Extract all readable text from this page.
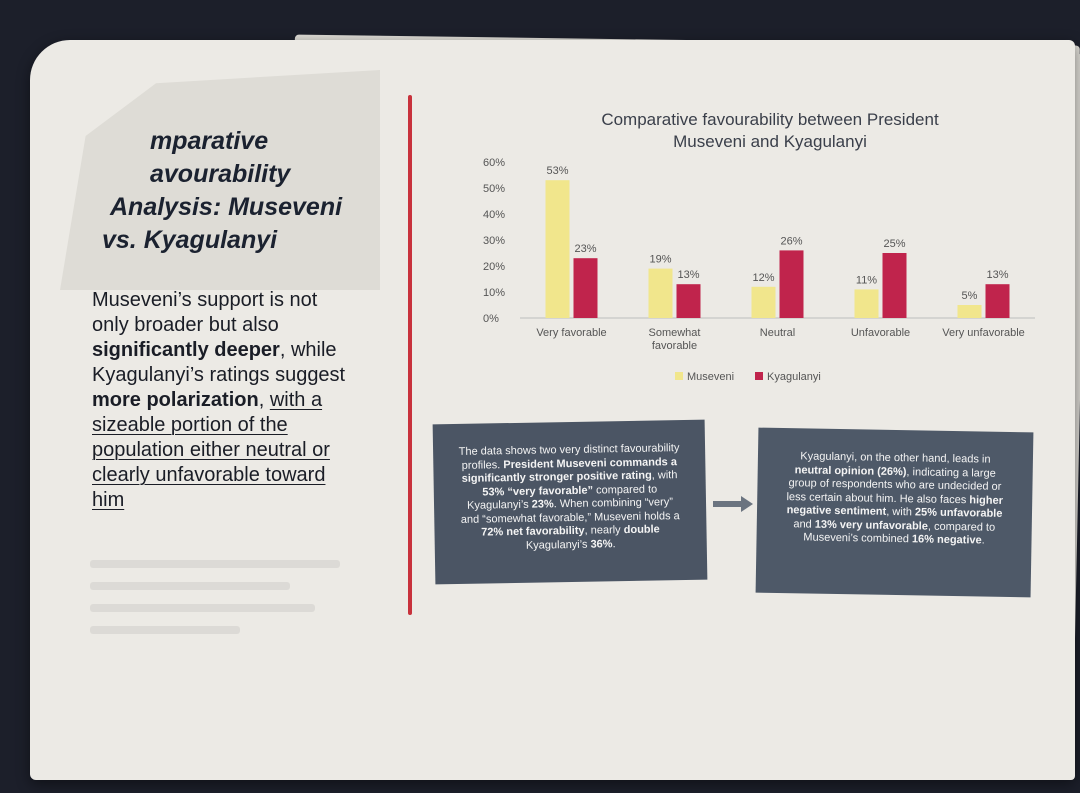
mparative
avourability
Analysis: Museveni
vs. Kyagulanyi
Museveni’s support is not
only broader but also
significantly deeper, while
Kyagulanyi’s ratings suggest
more polarization, with a
sizeable portion of the
population either neutral or
clearly unfavorable toward
him
Comparative favourability between President
Museveni and Kyagulanyi
0%
10%
20%
30%
40%
50%
60%
53%
23%
Very favorable
19%
13%
Somewhat
favorable
12%
26%
Neutral
11%
25%
Unfavorable
5%
13%
Very unfavorable
Museveni	Kyagulanyi
The data shows two very distinct favourability
profiles. President Museveni commands a
significantly stronger positive rating, with
53% “very favorable” compared to
Kyagulanyi’s 23%. When combining “very”
and “somewhat favorable,” Museveni holds a
72% net favorability, nearly double
Kyagulanyi’s 36%.
Kyagulanyi, on the other hand, leads in
neutral opinion (26%), indicating a large
group of respondents who are undecided or
less certain about him. He also faces higher
negative sentiment, with 25% unfavorable
and 13% very unfavorable, compared to
Museveni’s combined 16% negative.
